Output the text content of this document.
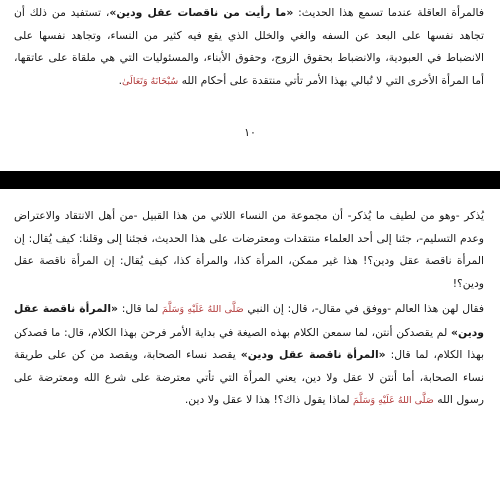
فالمرأة العاقلة عندما تسمع هذا الحديث: «ما رأيت من ناقصات عقل ودين»، تستفيد من ذلك أن تجاهد نفسها على البعد عن السفه والغي والخلل الذي يقع فيه كثير من النساء، وتجاهد نفسها على الانضباط في العبودية، والانضباط بحقوق الزوج، وحقوق الأبناء، والمسئوليات التي هي ملقاة على عاتقها، أما المرأة الأخرى التي لا تُبالي بهذا الأمر تأتي منتقدة على أحكام الله سُبْحَانَهُ وَتَعَالَىٰ.

١٠

يُذكر -وهو من لطيف ما يُذكر- أن مجموعة من النساء اللاتي من هذا القبيل -من أهل الانتقاد والاعتراض وعدم التسليم-، جئنا إلى أحد العلماء منتقدات ومعترضات على هذا الحديث، فجئنا إلى وقلنا: كيف يُقال: إن المرأة ناقصة عقل ودين؟! هذا غير ممكن، المرأة كذا، والمرأة كذا، كيف يُقال: إن المرأة ناقصة عقل ودين؟!

فقال لهن هذا العالم -ووفق في مقال-، قال: إن النبي صَلَّى اللهُ عَلَيْهِ وَسَلَّمَ لما قال: «المرأة ناقصة عقل ودين» لم يقصدكن أنتن، لما سمعن الكلام بهذه الصيغة في بداية الأمر فرحن بهذا الكلام، قال: ما قصدكن بهذا الكلام، لما قال: «المرأة ناقصة عقل ودين» يقصد نساء الصحابة، ويقصد من كن على طريقة نساء الصحابة، أما أنتن لا عقل ولا دين، يعني المرأة التي تأتي معترضة على شرع الله ومعترضة على رسول الله صَلَّى اللهُ عَلَيْهِ وَسَلَّمَ لماذا يقول ذاك؟! هذا لا عقل ولا دين.
